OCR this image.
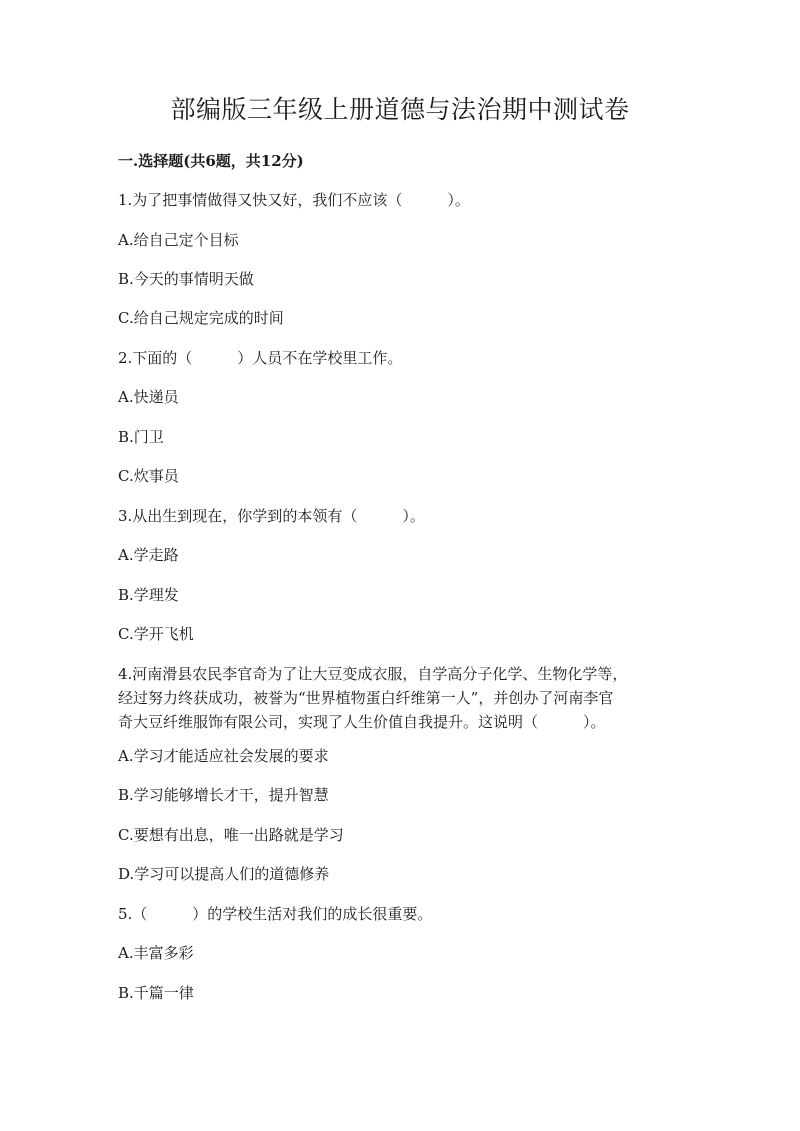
部编版三年级上册道德与法治期中测试卷
一.选择题(共6题，共12分)
1.为了把事情做得又快又好，我们不应该（　　　）。
A.给自己定个目标
B.今天的事情明天做
C.给自己规定完成的时间
2.下面的（　　　）人员不在学校里工作。
A.快递员
B.门卫
C.炊事员
3.从出生到现在，你学到的本领有（　　　）。
A.学走路
B.学理发
C.学开飞机
4.河南滑县农民李官奇为了让大豆变成衣服，自学高分子化学、生物化学等，
经过努力终获成功，被誉为“世界植物蛋白纤维第一人”，并创办了河南李官
奇大豆纤维服饰有限公司，实现了人生价值自我提升。这说明（　　　）。
A.学习才能适应社会发展的要求
B.学习能够增长才干，提升智慧
C.要想有出息，唯一出路就是学习
D.学习可以提高人们的道德修养
5.（　　　）的学校生活对我们的成长很重要。
A.丰富多彩
B.千篇一律
